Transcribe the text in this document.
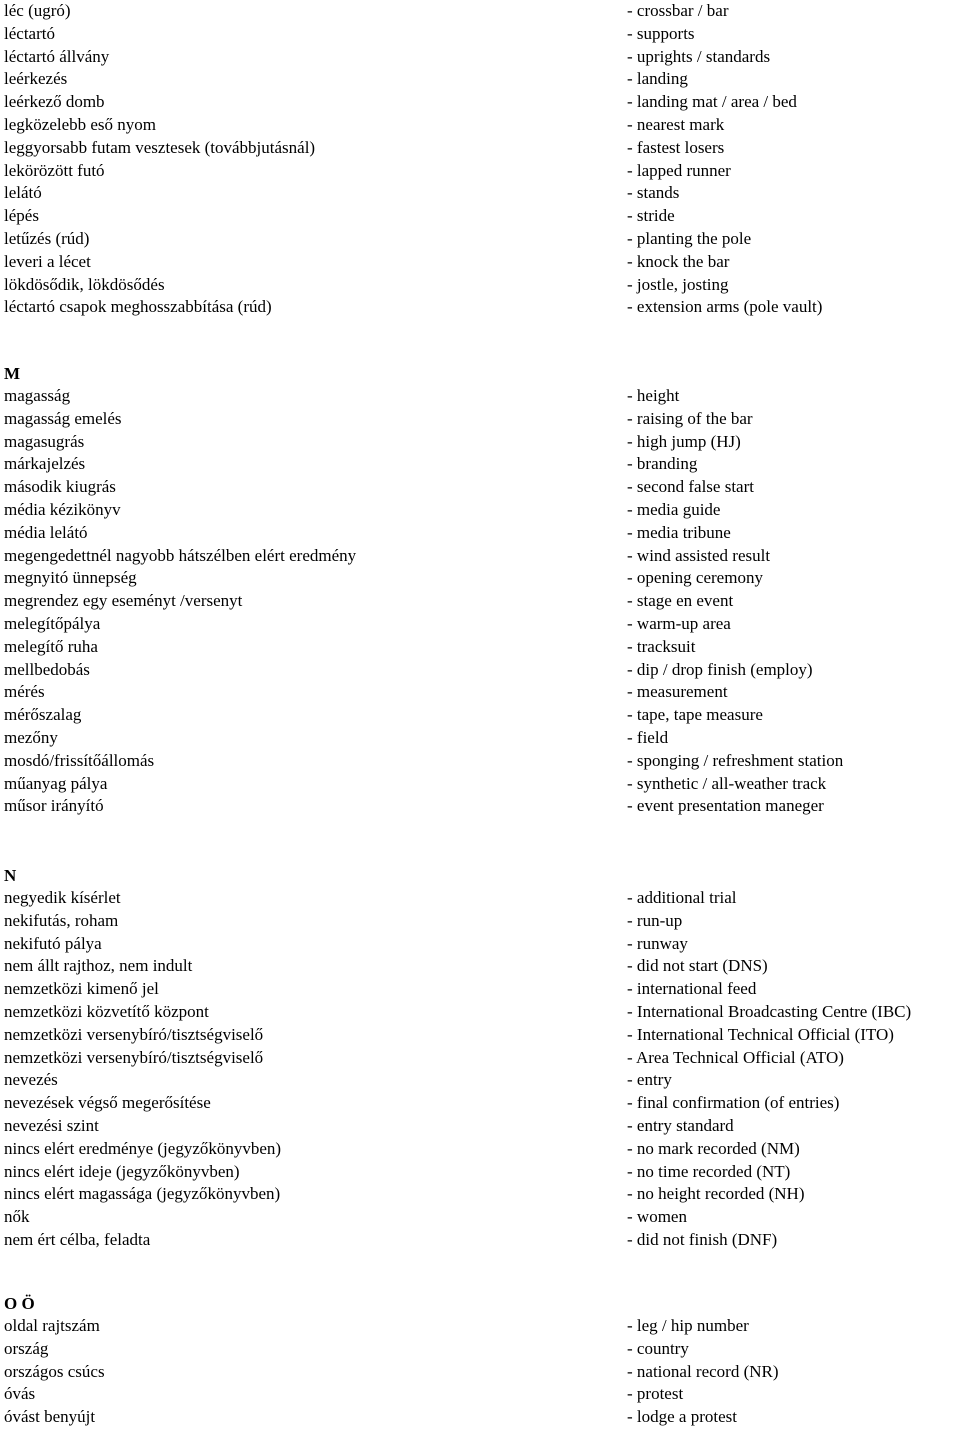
léc (ugró)	- crossbar / bar
léctartó	- supports
léctartó állvány	- uprights / standards
leérkezés	- landing
leérkező domb	- landing mat / area / bed
legközelebb eső nyom	- nearest mark
leggyorsabb futam vesztesek (továbbjutásnál)	- fastest losers
lekörözött futó	- lapped runner
lelátó	- stands
lépés	- stride
letűzés (rúd)	- planting the pole
leveri a lécet	- knock the bar
lökdösődik, lökdösődés	- jostle, josting
léctartó csapok meghosszabbítása (rúd)	- extension arms (pole vault)
M
magasság	- height
magasság emelés	- raising of the bar
magasugrás	- high jump (HJ)
márkajelzés	- branding
második kiugrás	- second false start
média kézikönyv	- media guide
média lelátó	- media tribune
megengedettnél nagyobb hátszélben elért eredmény	- wind assisted result
megnyitó ünnepség	- opening ceremony
megrendez egy eseményt /versenyt	- stage en event
melegítőpálya	- warm-up area
melegítő ruha	- tracksuit
mellbedobás	- dip / drop finish (employ)
mérés	- measurement
mérőszalag	- tape, tape measure
mezőny	- field
mosdó/frissítőállomás	- sponging / refreshment station
műanyag pálya	- synthetic / all-weather track
műsor irányító	- event presentation maneger
N
negyedik kísérlet	- additional trial
nekifutás, roham	- run-up
nekifutó pálya	- runway
nem állt rajthoz, nem indult	- did not start (DNS)
nemzetközi kimenő jel	- international feed
nemzetközi közvetítő központ	- International Broadcasting Centre (IBC)
nemzetközi versenybíró/tisztségviselő	- International Technical Official (ITO)
nemzetközi versenybíró/tisztségviselő	- Area Technical Official (ATO)
nevezés	- entry
nevezések végső megerősítése	- final confirmation (of entries)
nevezési szint	- entry standard
nincs elért eredménye (jegyzőkönyvben)	- no mark recorded (NM)
nincs elért ideje (jegyzőkönyvben)	- no time recorded (NT)
nincs elért magassága (jegyzőkönyvben)	- no height recorded (NH)
nők	- women
nem ért célba, feladta	- did not finish (DNF)
O Ö
oldal rajtszám	- leg / hip number
ország	- country
országos csúcs	- national record (NR)
óvás	- protest
óvást benyújt	- lodge a protest
